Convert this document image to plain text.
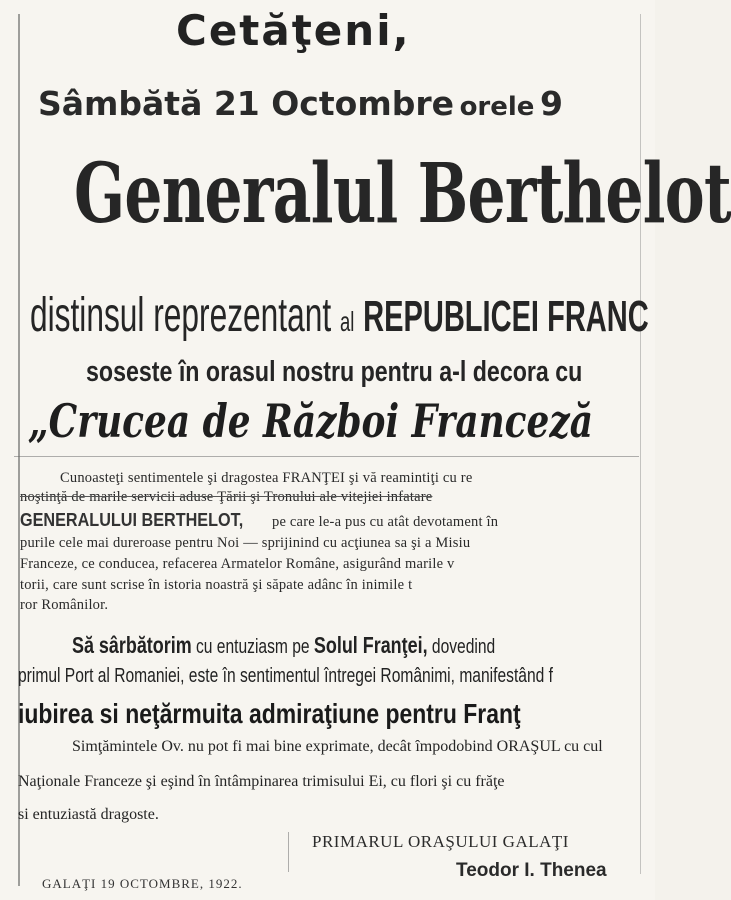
Cetăţeni,
Sâmbătă 21 Octombre orele 9
Generalul Berthelot
distinsul reprezentant al REPUBLICEI FRANC
soseste în orasul nostru pentru a-l decora cu
„Crucea de Război Franceză
Cunoasteţi sentimentele şi dragostea FRANŢEI şi vă reamintiţi cu re
noştinţă de marile servicii aduse Ţării şi Tronului ale vitejiei infatare
GENERALULUI BERTHELOT, pe care le-a pus cu atât devotament în
purile cele mai dureroase pentru Noi — sprijinind cu acţiunea sa şi a Misiu
Franceze, ce conducea, refacerea Armatelor Române, asigurând marile v
torii, care sunt scrise în istoria noastră şi săpate adânc în inimile t
ror Românilor.
Să sârbătorim cu entuziasm pe Solul Franţei, dovedind
primul Port al Romaniei, este în sentimentul întregei Românimi, manifestând f
iubirea si neţărmuita admiraţiune pentru Franţ
Simţămintele Ov. nu pot fi mai bine exprimate, decât împodobind ORAŞUL cu cul
Naţionale Franceze şi eşind în întâmpinarea trimisului Ei, cu flori şi cu frăţe
si entuziastă dragoste.
PRIMARUL ORAŞULUI GALAŢI
Teodor I. Thenea
GALAŢI 19 OCTOMBRE, 1922.
